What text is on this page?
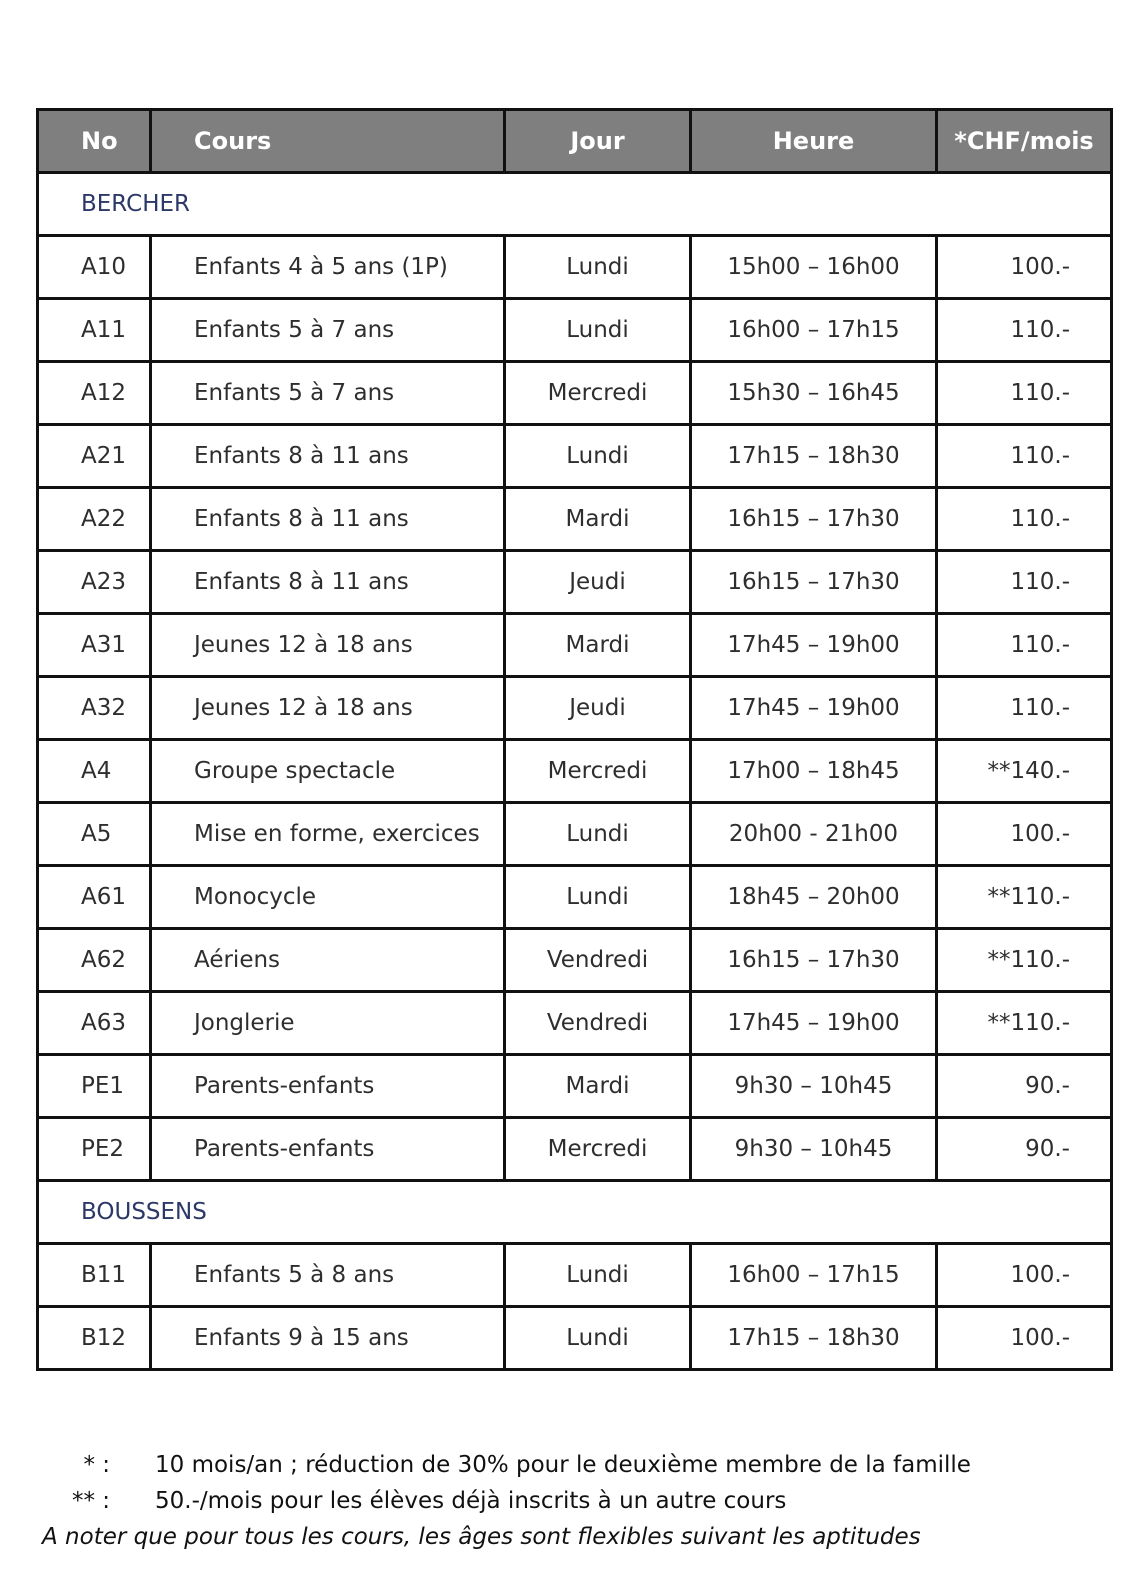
No	Cours	Jour	Heure	*CHF/mois
BERCHER				
A10	Enfants 4 à 5 ans (1P)	Lundi	15h00 – 16h00	100.-
A11	Enfants 5 à 7 ans	Lundi	16h00 – 17h15	110.-
A12	Enfants 5 à 7 ans	Mercredi	15h30 – 16h45	110.-
A21	Enfants 8 à 11 ans	Lundi	17h15 – 18h30	110.-
A22	Enfants 8 à 11 ans	Mardi	16h15 – 17h30	110.-
A23	Enfants 8 à 11 ans	Jeudi	16h15 – 17h30	110.-
A31	Jeunes 12 à 18 ans	Mardi	17h45 – 19h00	110.-
A32	Jeunes 12 à 18 ans	Jeudi	17h45 – 19h00	110.-
A4	Groupe spectacle	Mercredi	17h00 – 18h45	**140.-
A5	Mise en forme, exercices	Lundi	20h00 - 21h00	100.-
A61	Monocycle	Lundi	18h45 – 20h00	**110.-
A62	Aériens	Vendredi	16h15 – 17h30	**110.-
A63	Jonglerie	Vendredi	17h45 – 19h00	**110.-
PE1	Parents-enfants	Mardi	9h30 – 10h45	90.-
PE2	Parents-enfants	Mercredi	9h30 – 10h45	90.-
BOUSSENS				
B11	Enfants 5 à 8 ans	Lundi	16h00 – 17h15	100.-
B12	Enfants 9 à 15 ans	Lundi	17h15 – 18h30	100.-
* : 10 mois/an ; réduction de 30% pour le deuxième membre de la famille
** : 50.-/mois pour les élèves déjà inscrits à un autre cours
A noter que pour tous les cours, les âges sont flexibles suivant les aptitudes
